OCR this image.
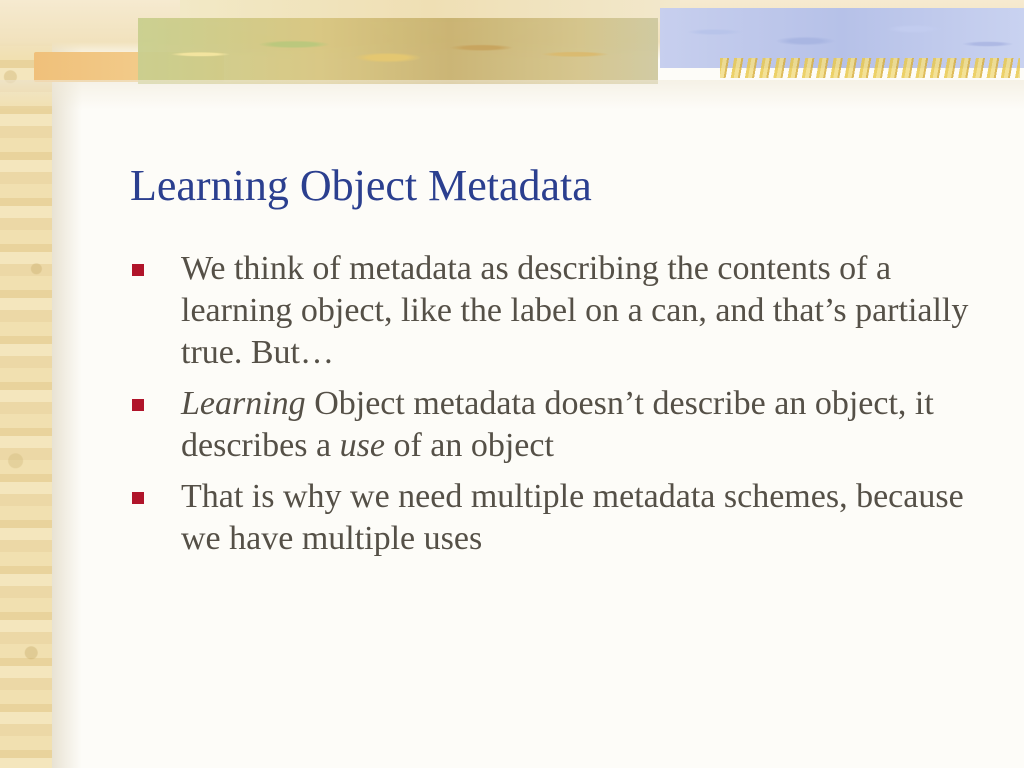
Learning Object Metadata
We think of metadata as describing the contents of a learning object, like the label on a can, and that’s partially true. But…
Learning Object metadata doesn’t describe an object, it describes a use of an object
That is why we need multiple metadata schemes, because we have multiple uses
